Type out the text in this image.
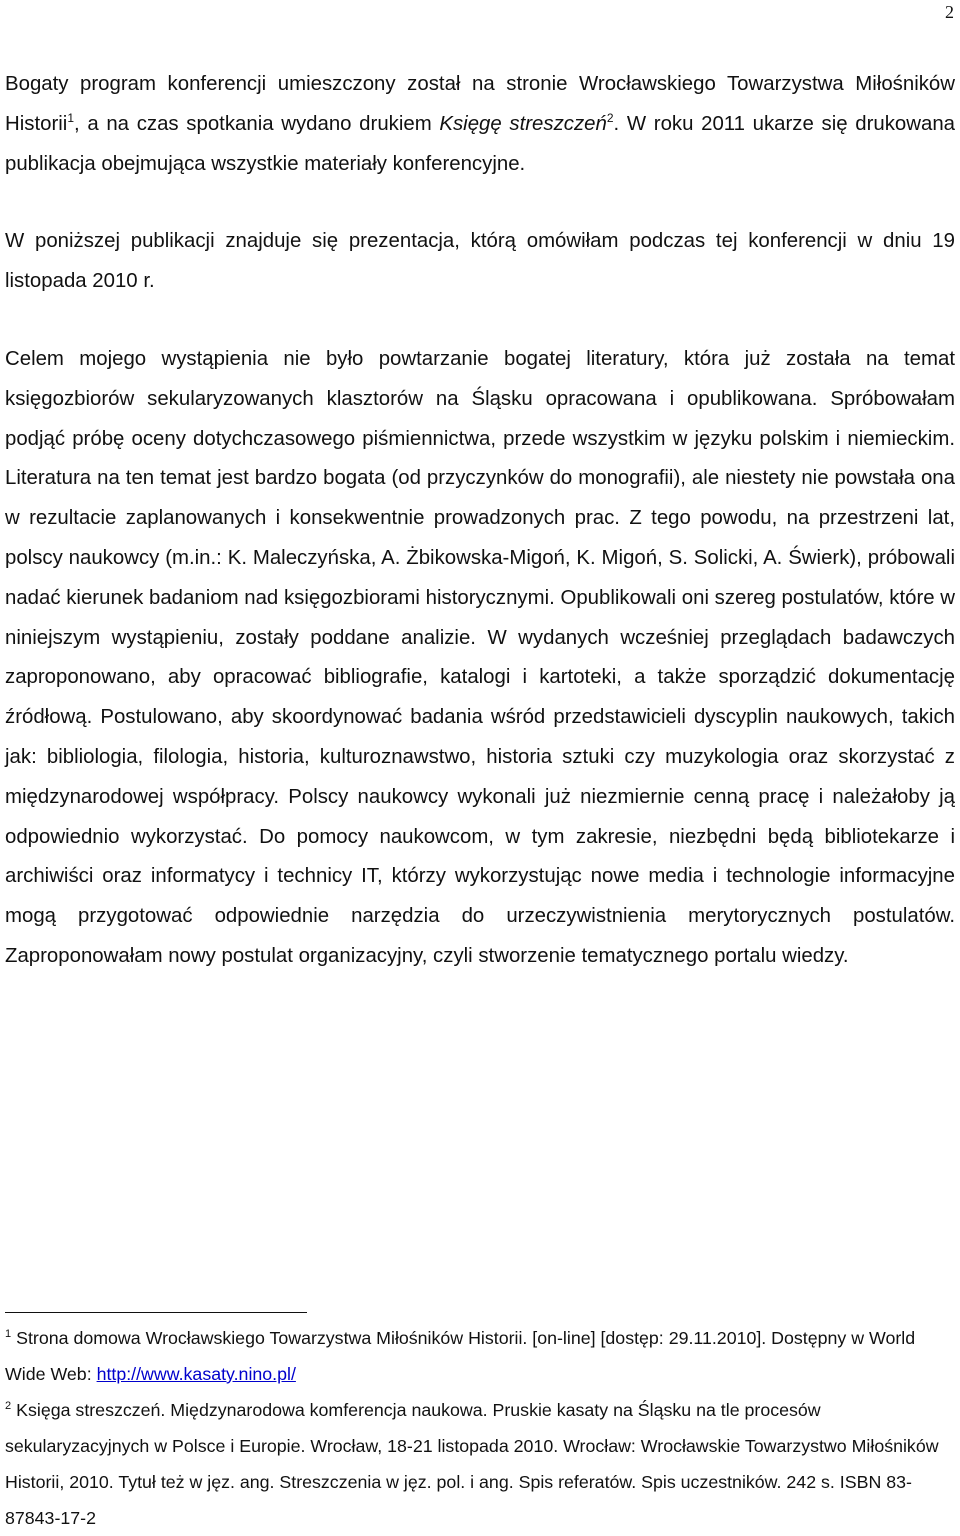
2

Bogaty program konferencji umieszczony został na stronie Wrocławskiego Towarzystwa Miłośników Historii$^1$, a na czas spotkania wydano drukiem Księgę streszczeń$^2$. W roku 2011 ukarze się drukowana publikacja obejmująca wszystkie materiały konferencyjne.

W poniższej publikacji znajduje się prezentacja, którą omówiłam podczas tej konferencji w dniu 19 listopada 2010 r.

Celem mojego wystąpienia nie było powtarzanie bogatej literatury, która już została na temat księgozbiorów sekularyzowanych klasztorów na Śląsku opracowana i opublikowana. Spróbowałam podjąć próbę oceny dotychczasowego piśmiennictwa, przede wszystkim w języku polskim i niemieckim. Literatura na ten temat jest bardzo bogata (od przyczynków do monografii), ale niestety nie powstała ona w rezultacie zaplanowanych i konsekwentnie prowadzonych prac. Z tego powodu, na przestrzeni lat, polscy naukowcy (m.in.: K. Maleczyńska, A. Żbikowska-Migoń, K. Migoń, S. Solicki, A. Świerk), próbowali nadać kierunek badaniom nad księgozbiorami historycznymi. Opublikowali oni szereg postulatów, które w niniejszym wystąpieniu, zostały poddane analizie. W wydanych wcześniej przeglądach badawczych zaproponowano, aby opracować bibliografie, katalogi i kartoteki, a także sporządzić dokumentację źródłową. Postulowano, aby skoordynować badania wśród przedstawicieli dyscyplin naukowych, takich jak: bibliologia, filologia, historia, kulturoznawstwo, historia sztuki czy muzykologia oraz skorzystać z międzynarodowej współpracy. Polscy naukowcy wykonali już niezmiernie cenną pracę i należałoby ją odpowiednio wykorzystać. Do pomocy naukowcom, w tym zakresie, niezbędni będą bibliotekarze i archiwiści oraz informatycy i technicy IT, którzy wykorzystując nowe media i technologie informacyjne mogą przygotować odpowiednie narzędzia do urzeczywistnienia merytorycznych postulatów. Zaproponowałam nowy postulat organizacyjny, czyli stworzenie tematycznego portalu wiedzy.

$^1$ Strona domowa Wrocławskiego Towarzystwa Miłośników Historii. [on-line] [dostęp: 29.11.2010]. Dostępny w World Wide Web: http://www.kasaty.nino.pl/

$^2$ Księga streszczeń. Międzynarodowa komferencja naukowa. Pruskie kasaty na Śląsku na tle procesów sekularyzacyjnych w Polsce i Europie. Wrocław, 18-21 listopada 2010. Wrocław: Wrocławskie Towarzystwo Miłośników Historii, 2010. Tytuł też w jęz. ang. Streszczenia w jęz. pol. i ang. Spis referatów. Spis uczestników. 242 s. ISBN 83-87843-17-2
